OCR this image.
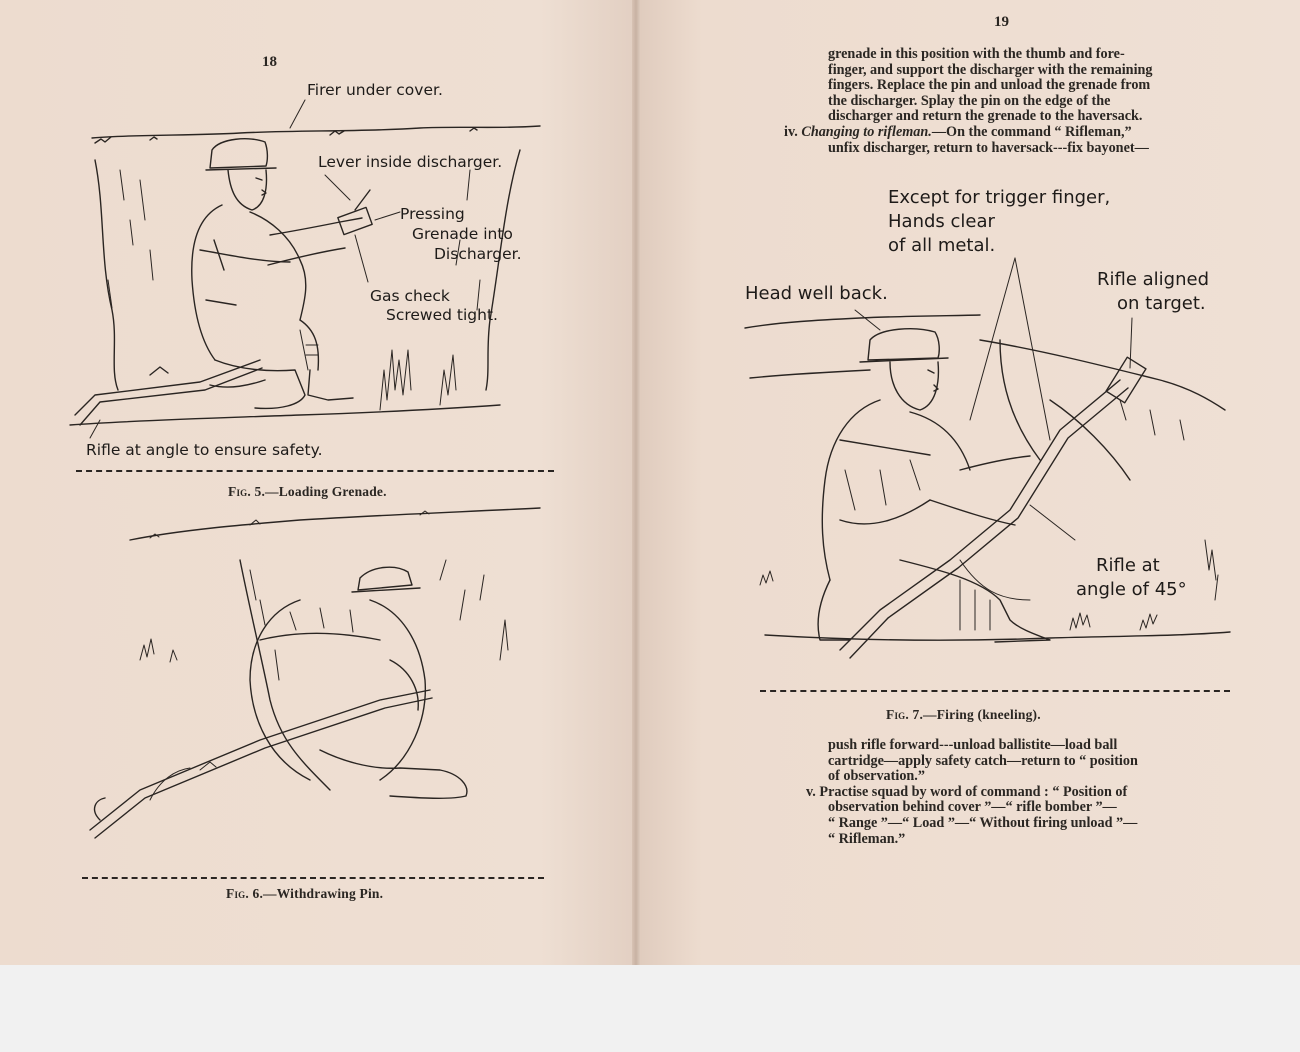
18
Firer under cover.
Lever inside discharger.
Pressing
Grenade into
Discharger.
Gas check
Screwed tight.
Rifle at angle to ensure safety.
Fig. 5.—Loading Grenade.
Fig. 6.—Withdrawing Pin.
19

grenade in this position with the thumb and fore-

finger, and support the discharger with the remaining

fingers. Replace the pin and unload the grenade from

the discharger. Splay the pin on the edge of the

discharger and return the grenade to the haversack.

iv. Changing to rifleman.—On the command “ Rifleman,”

unfix discharger, return to haversack---fix bayonet—

Except for trigger finger,
Hands clear
of all metal.
Head well back.
Rifle aligned
on target.
Rifle at
angle of 45°
Fig. 7.—Firing (kneeling).

push rifle forward---unload ballistite—load ball

cartridge—apply safety catch—return to “ position

of observation.”

v. Practise squad by word of command : “ Position of

observation behind cover ”—“ rifle bomber ”—

“ Range ”—“ Load ”—“ Without firing unload ”—

“ Rifleman.”
